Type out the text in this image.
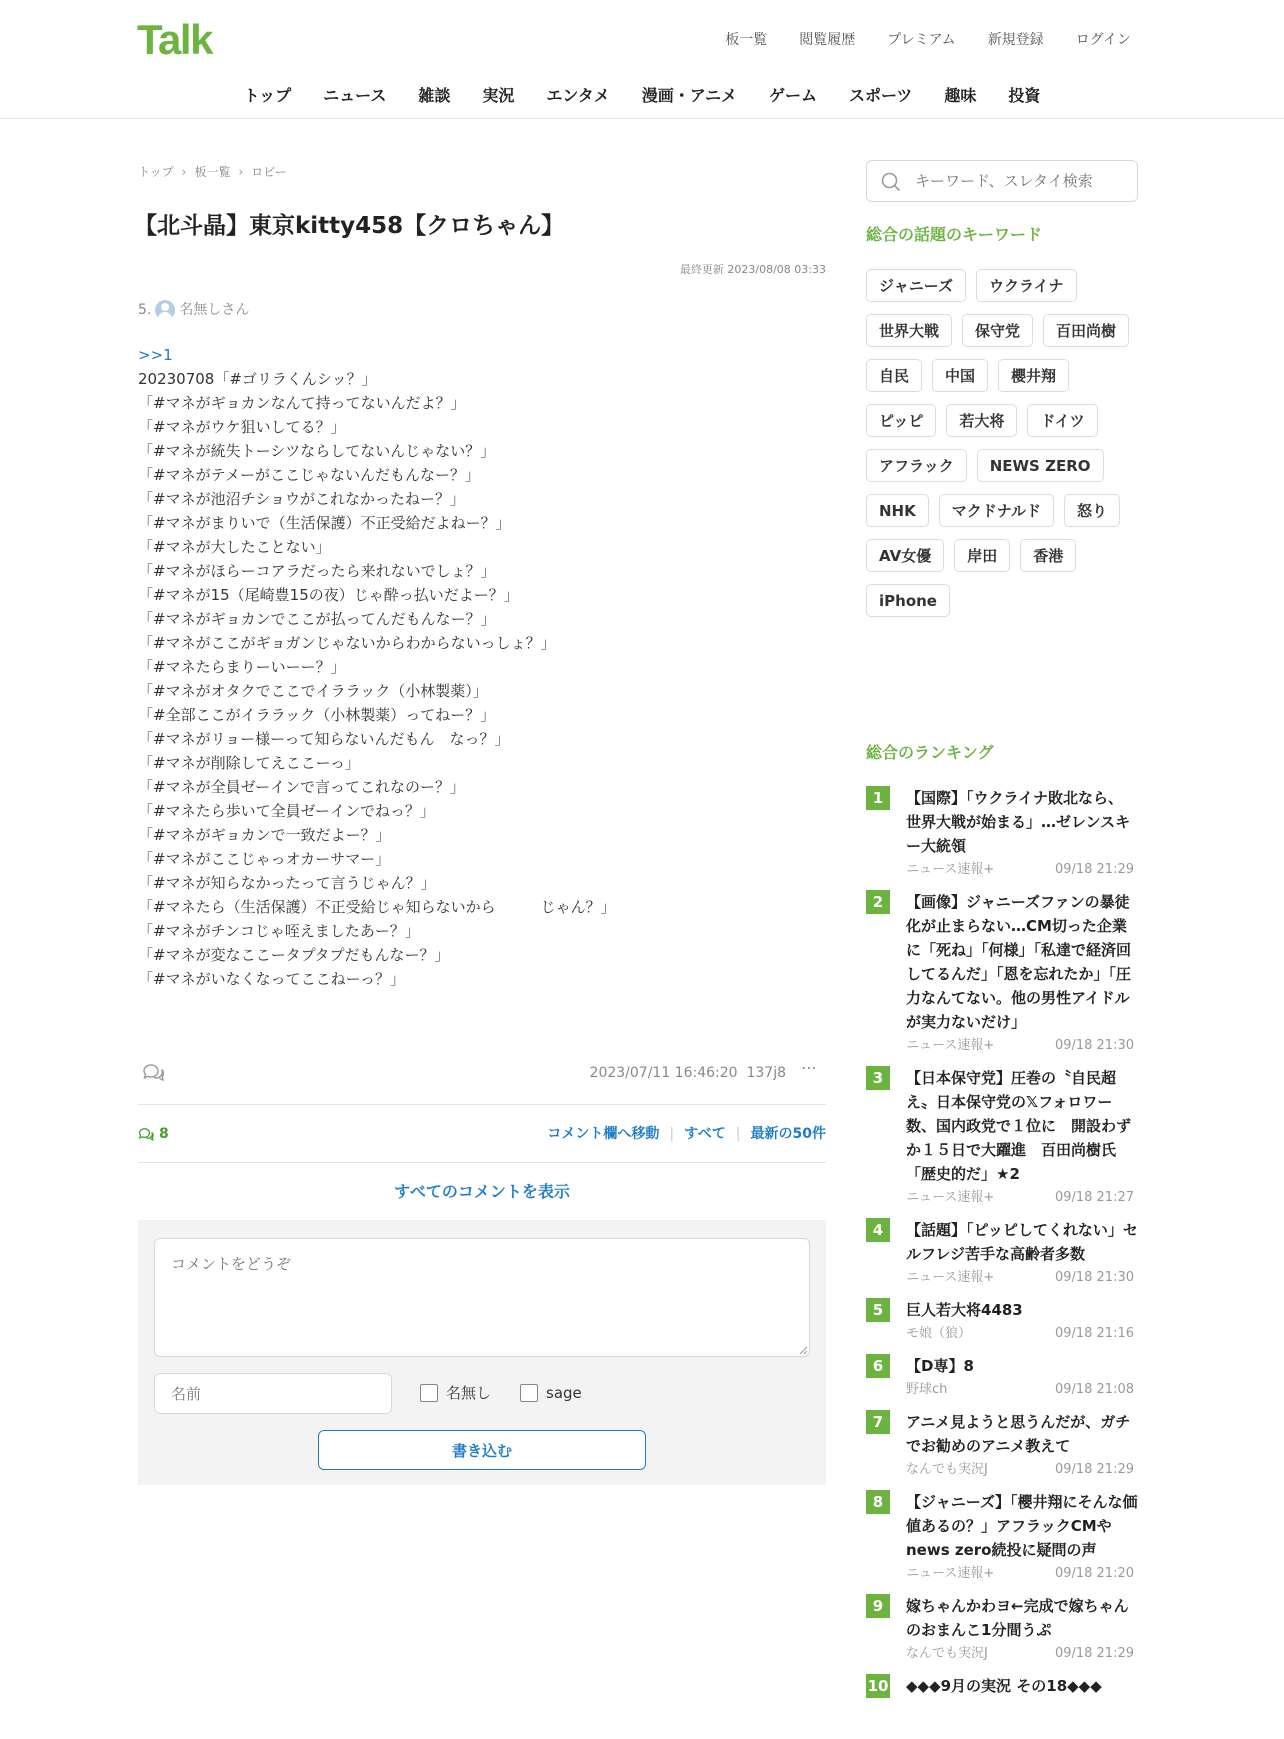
Talk	板一覧 閲覧履歴 プレミアム 新規登録 ログイン
トップ ニュース 雑談 実況 エンタメ 漫画・アニメ ゲーム スポーツ 趣味 投資
トップ › 板一覧 › ロビー
【北斗晶】東京kitty458【クロちゃん】
最終更新 2023/08/08 03:33
5. 名無しさん
>>1
20230708「#ゴリラくんシッ？」
「#マネがギョカンなんて持ってないんだよ？」
「#マネがウケ狙いしてる？」
「#マネが統失トーシツならしてないんじゃない？」
「#マネがテメーがここじゃないんだもんなー？」
「#マネが池沼チショウがこれなかったねー？」
「#マネがまりいで（生活保護）不正受給だよねー？」
「#マネが大したことない」
「#マネがほらーコアラだったら来れないでしょ？」
「#マネが15（尾崎豊15の夜）じゃ酔っ払いだよー？」
「#マネがギョカンでここが払ってんだもんなー？」
「#マネがここがギョガンじゃないからわからないっしょ？」
「#マネたらまりーいーー？」
「#マネがオタクでここでイララック（小林製薬）」
「#全部ここがイララック（小林製薬）ってねー？」
「#マネがリョー様ーって知らないんだもん　なっ？」
「#マネが削除してえここーっ」
「#マネが全員ゼーインで言ってこれなのー？」
「#マネたら歩いて全員ゼーインでねっ？」
「#マネがギョカンで一致だよー？」
「#マネがここじゃっオカーサマー」
「#マネが知らなかったって言うじゃん？」
「#マネたら（生活保護）不正受給じゃ知らないから　　　じゃん？」
「#マネがチンコじゃ咥えましたあー？」
「#マネが変なここータプタプだもんなー？」
「#マネがいなくなってここねーっ？」
2023/07/11 16:46:20 137j8 ⋯
8	コメント欄へ移動 | すべて | 最新の50件
すべてのコメントを表示
コメントをどうぞ
名前
名無し	sage
書き込む
キーワード、スレタイ検索
総合の話題のキーワード
ジャニーズ	ウクライナ
世界大戦	保守党	百田尚樹
自民	中国	櫻井翔
ピッピ	若大将	ドイツ
アフラック	NEWS ZERO
NHK	マクドナルド	怒り
AV女優	岸田	香港
iPhone
総合のランキング
1	【国際】「ウクライナ敗北なら、世界大戦が始まる」…ゼレンスキー大統領
ニュース速報+	09/18 21:29
2	【画像】ジャニーズファンの暴徒化が止まらない…CM切った企業に「死ね」「何様」「私達で経済回してるんだ」「恩を忘れたか」「圧力なんてない。他の男性アイドルが実力ないだけ」
ニュース速報+	09/18 21:30
3	【日本保守党】圧巻の〝自民超え〟日本保守党の𝕏フォロワー数、国内政党で１位に　開設わずか１５日で大躍進　百田尚樹氏「歴史的だ」★2
ニュース速報+	09/18 21:27
4	【話題】「ピッピしてくれない」セルフレジ苦手な高齢者多数
ニュース速報+	09/18 21:30
5	巨人若大将4483
モ娘（狼）	09/18 21:16
6	【D専】8
野球ch	09/18 21:08
7	アニメ見ようと思うんだが、ガチでお勧めのアニメ教えて
なんでも実況J	09/18 21:29
8	【ジャニーズ】「櫻井翔にそんな価値あるの？」アフラックCMやnews zero続投に疑問の声
ニュース速報+	09/18 21:20
9	嫁ちゃんかわヨ←完成で嫁ちゃんのおまんこ1分間うぷ
なんでも実況J	09/18 21:29
10 ◆◆◆9月の実況 その18◆◆◆
